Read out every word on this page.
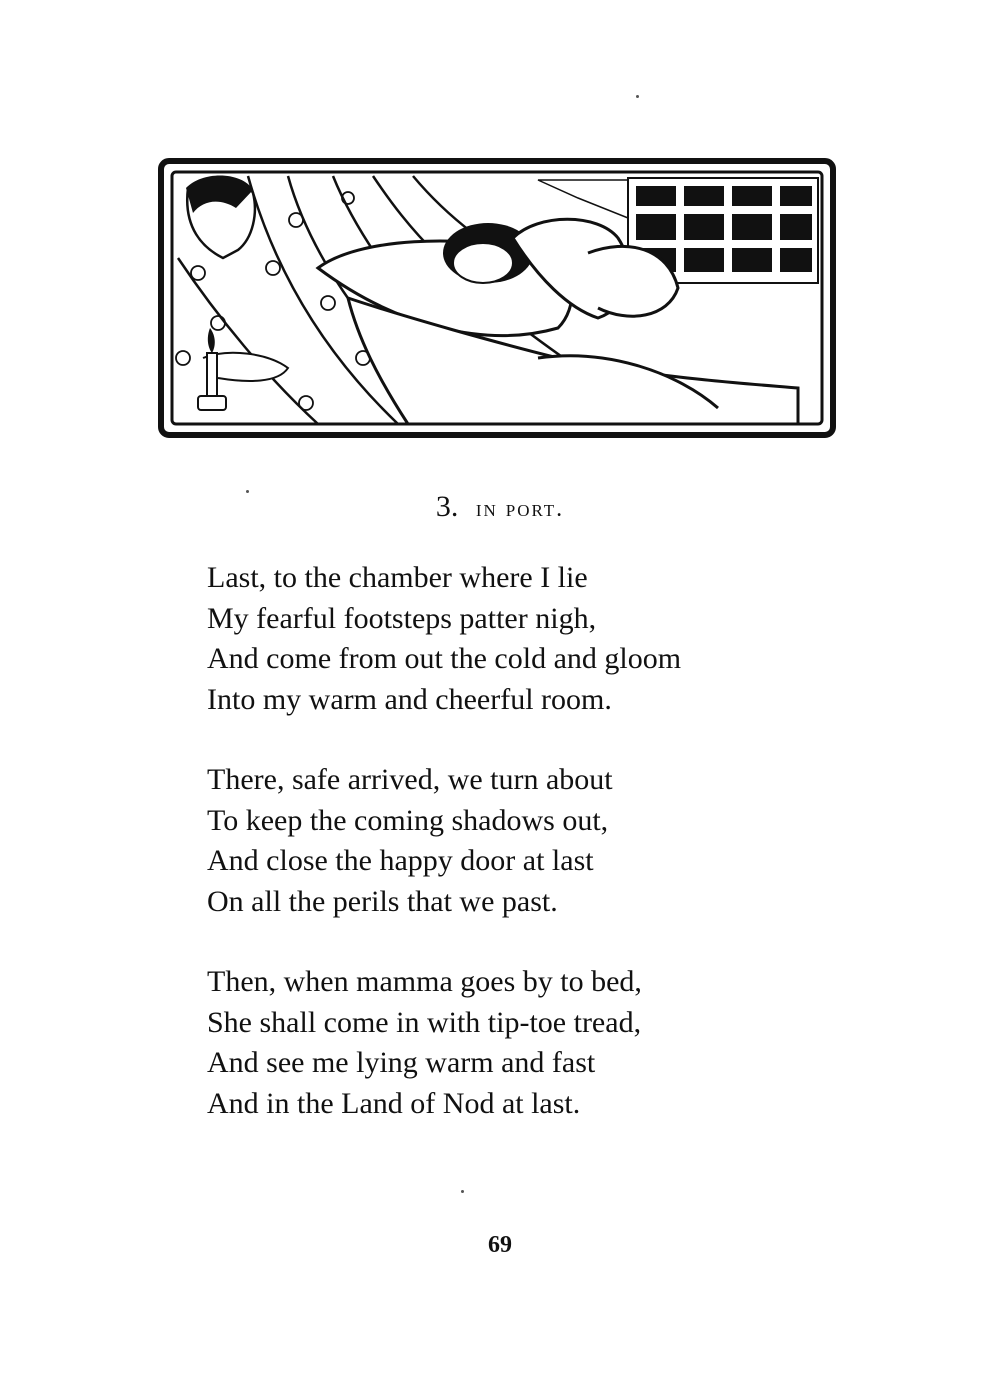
3. in port.
Last, to the chamber where I lie
My fearful footsteps patter nigh,
And come from out the cold and gloom
Into my warm and cheerful room.
There, safe arrived, we turn about
To keep the coming shadows out,
And close the happy door at last
On all the perils that we past.
Then, when mamma goes by to bed,
She shall come in with tip-toe tread,
And see me lying warm and fast
And in the Land of Nod at last.
69
